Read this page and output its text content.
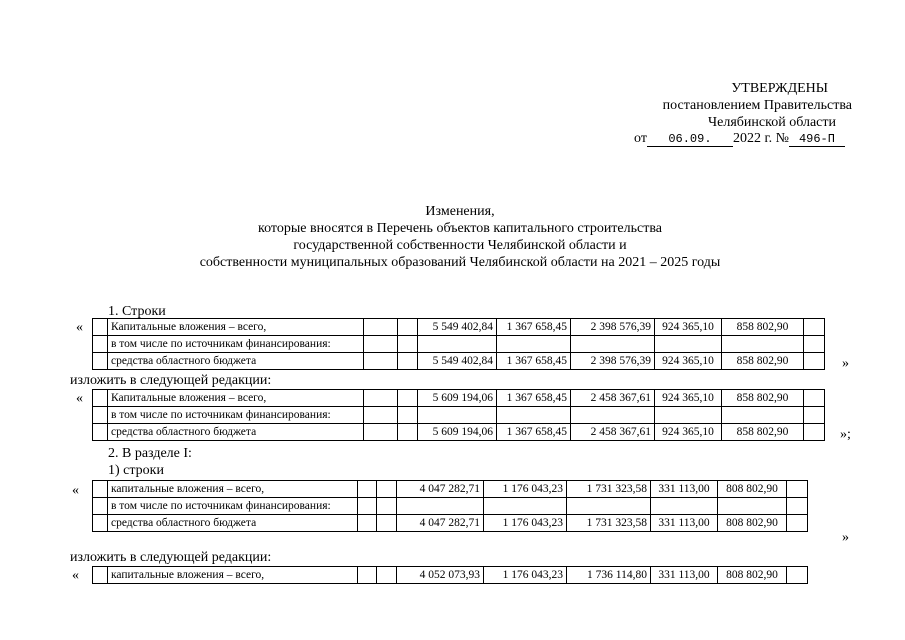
УТВЕРЖДЕНЫ
постановлением Правительства
Челябинской области
от 06.09. 2022 г. № 496-П
Изменения,
которые вносятся в Перечень объектов капитального строительства
государственной собственности Челябинской области и
собственности муниципальных образований Челябинской области на 2021 – 2025 годы
1. Строки
«
	Капитальные вложения – всего,			5 549 402,84	1 367 658,45	2 398 576,39	924 365,10	858 802,90	
	в том числе по источникам финансирования:								
	средства областного бюджета			5 549 402,84	1 367 658,45	2 398 576,39	924 365,10	858 802,90		»
изложить в следующей редакции:
«
	Капитальные вложения – всего,			5 609 194,06	1 367 658,45	2 458 367,61	924 365,10	858 802,90	
	в том числе по источникам финансирования:								
	средства областного бюджета			5 609 194,06	1 367 658,45	2 458 367,61	924 365,10	858 802,90		»;
2. В разделе I:
1) строки
«
		капитальные вложения – всего,			4 047 282,71	1 176 043,23	1 731 323,58	331 113,00	808 802,90	
	в том числе по источникам финансирования:								
	средства областного бюджета			4 047 282,71	1 176 043,23	1 731 323,58	331 113,00	808 802,90	
»
изложить в следующей редакции:
«
		капитальные вложения – всего,			4 052 073,93	1 176 043,23	1 736 114,80	331 113,00	808 802,90	
